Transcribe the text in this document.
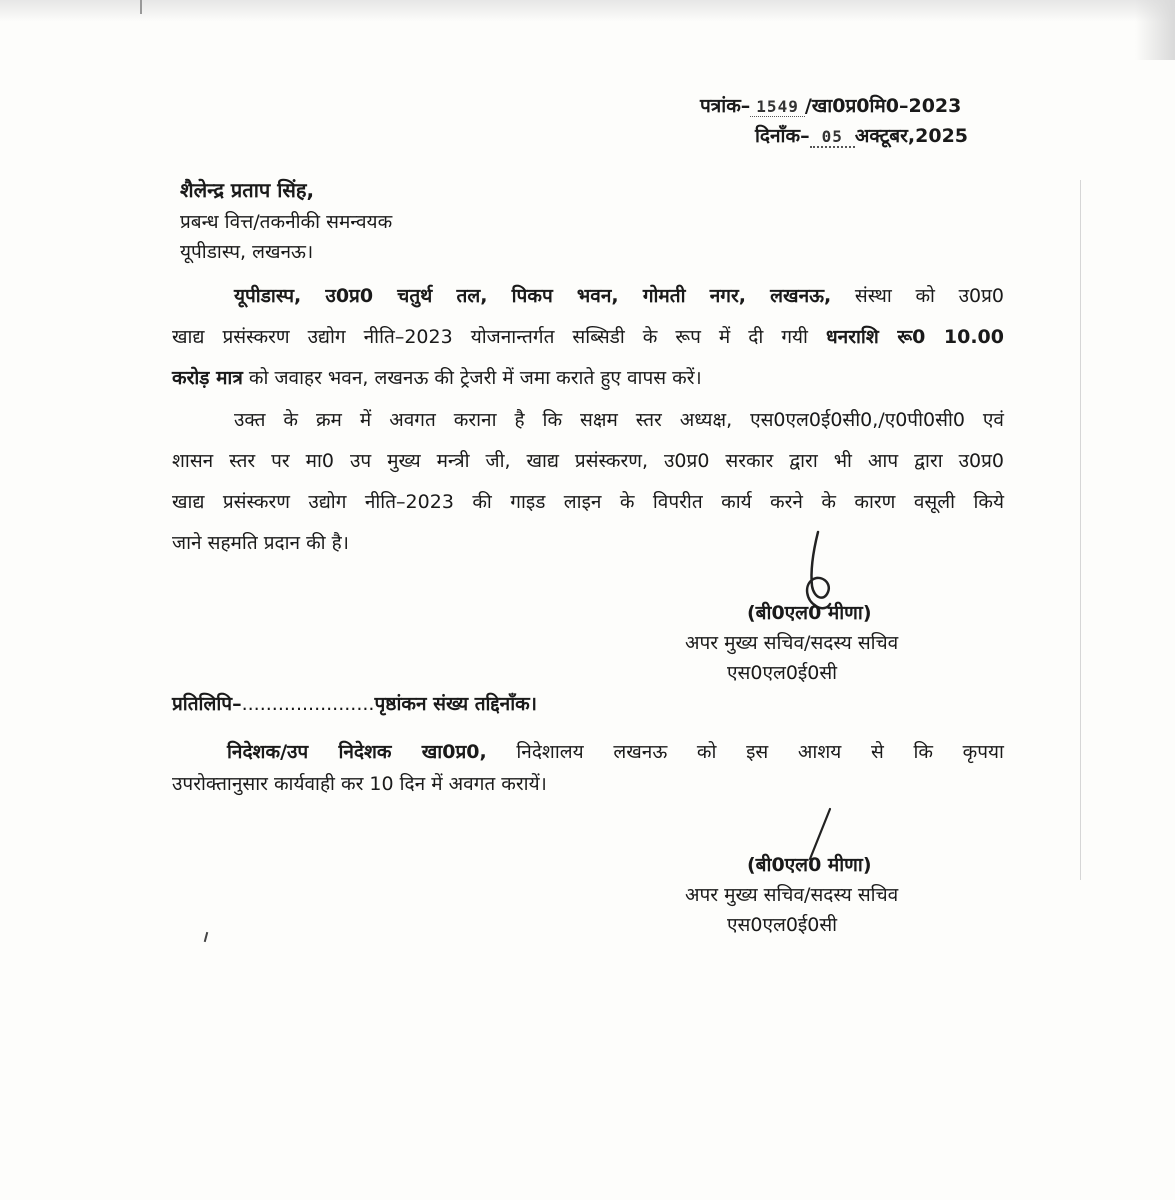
पत्रांक– 1549 /खा0प्र0मि0–2023
दिनाँक– 05 अक्टूबर,2025
शैलेन्द्र प्रताप सिंह,
प्रबन्ध वित्त/तकनीकी समन्वयक
यूपीडास्प, लखनऊ।
यूपीडास्प, उ0प्र0 चतुर्थ तल, पिकप भवन, गोमती नगर, लखनऊ, संस्था को उ0प्र0
खाद्य प्रसंस्करण उद्योग नीति–2023 योजनान्तर्गत सब्सिडी के रूप में दी गयी धनराशि रू0 10.00
करोड़ मात्र को जवाहर भवन, लखनऊ की ट्रेजरी में जमा कराते हुए वापस करें।
उक्त के क्रम में अवगत कराना है कि सक्षम स्तर अध्यक्ष, एस0एल0ई0सी0,/ए0पी0सी0 एवं
शासन स्तर पर मा0 उप मुख्य मन्त्री जी, खाद्य प्रसंस्करण, उ0प्र0 सरकार द्वारा भी आप द्वारा उ0प्र0
खाद्य प्रसंस्करण उद्योग नीति–2023 की गाइड लाइन के विपरीत कार्य करने के कारण वसूली किये
जाने सहमति प्रदान की है।
(बी0एल0 मीणा)
अपर मुख्य सचिव/सदस्य सचिव
एस0एल0ई0सी
प्रतिलिपि–......................पृष्ठांकन संख्य तद्दिनाँक।
निदेशक/उप निदेशक खा0प्र0, निदेशालय लखनऊ को इस आशय से कि कृपया
उपरोक्तानुसार कार्यवाही कर 10 दिन में अवगत करायें।
(बी0एल0 मीणा)
अपर मुख्य सचिव/सदस्य सचिव
एस0एल0ई0सी
